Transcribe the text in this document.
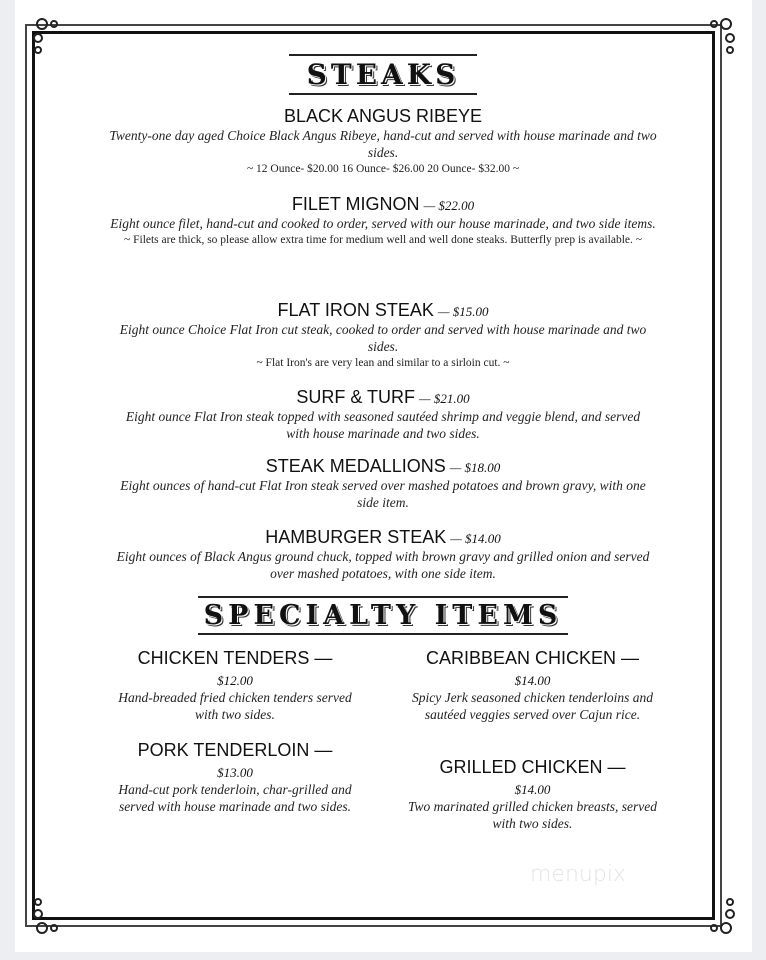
STEAKS
BLACK ANGUS RIBEYE
Twenty-one day aged Choice Black Angus Ribeye, hand-cut and served with house marinade and two sides.
~ 12 Ounce- $20.00 16 Ounce- $26.00 20 Ounce- $32.00 ~
FILET MIGNON — $22.00
Eight ounce filet, hand-cut and cooked to order, served with our house marinade, and two side items.
~ Filets are thick, so please allow extra time for medium well and well done steaks. Butterfly prep is available. ~
FLAT IRON STEAK — $15.00
Eight ounce Choice Flat Iron cut steak, cooked to order and served with house marinade and two sides.
~ Flat Iron's are very lean and similar to a sirloin cut. ~
SURF & TURF — $21.00
Eight ounce Flat Iron steak topped with seasoned sautéed shrimp and veggie blend, and served with house marinade and two sides.
STEAK MEDALLIONS — $18.00
Eight ounces of hand-cut Flat Iron steak served over mashed potatoes and brown gravy, with one side item.
HAMBURGER STEAK — $14.00
Eight ounces of Black Angus ground chuck, topped with brown gravy and grilled onion and served over mashed potatoes, with one side item.
SPECIALTY ITEMS
CHICKEN TENDERS —
$12.00
Hand-breaded fried chicken tenders served with two sides.
PORK TENDERLOIN —
$13.00
Hand-cut pork tenderloin, char-grilled and served with house marinade and two sides.
CARIBBEAN CHICKEN —
$14.00
Spicy Jerk seasoned chicken tenderloins and sautéed veggies served over Cajun rice.
GRILLED CHICKEN —
$14.00
Two marinated grilled chicken breasts, served with two sides.
menupix
